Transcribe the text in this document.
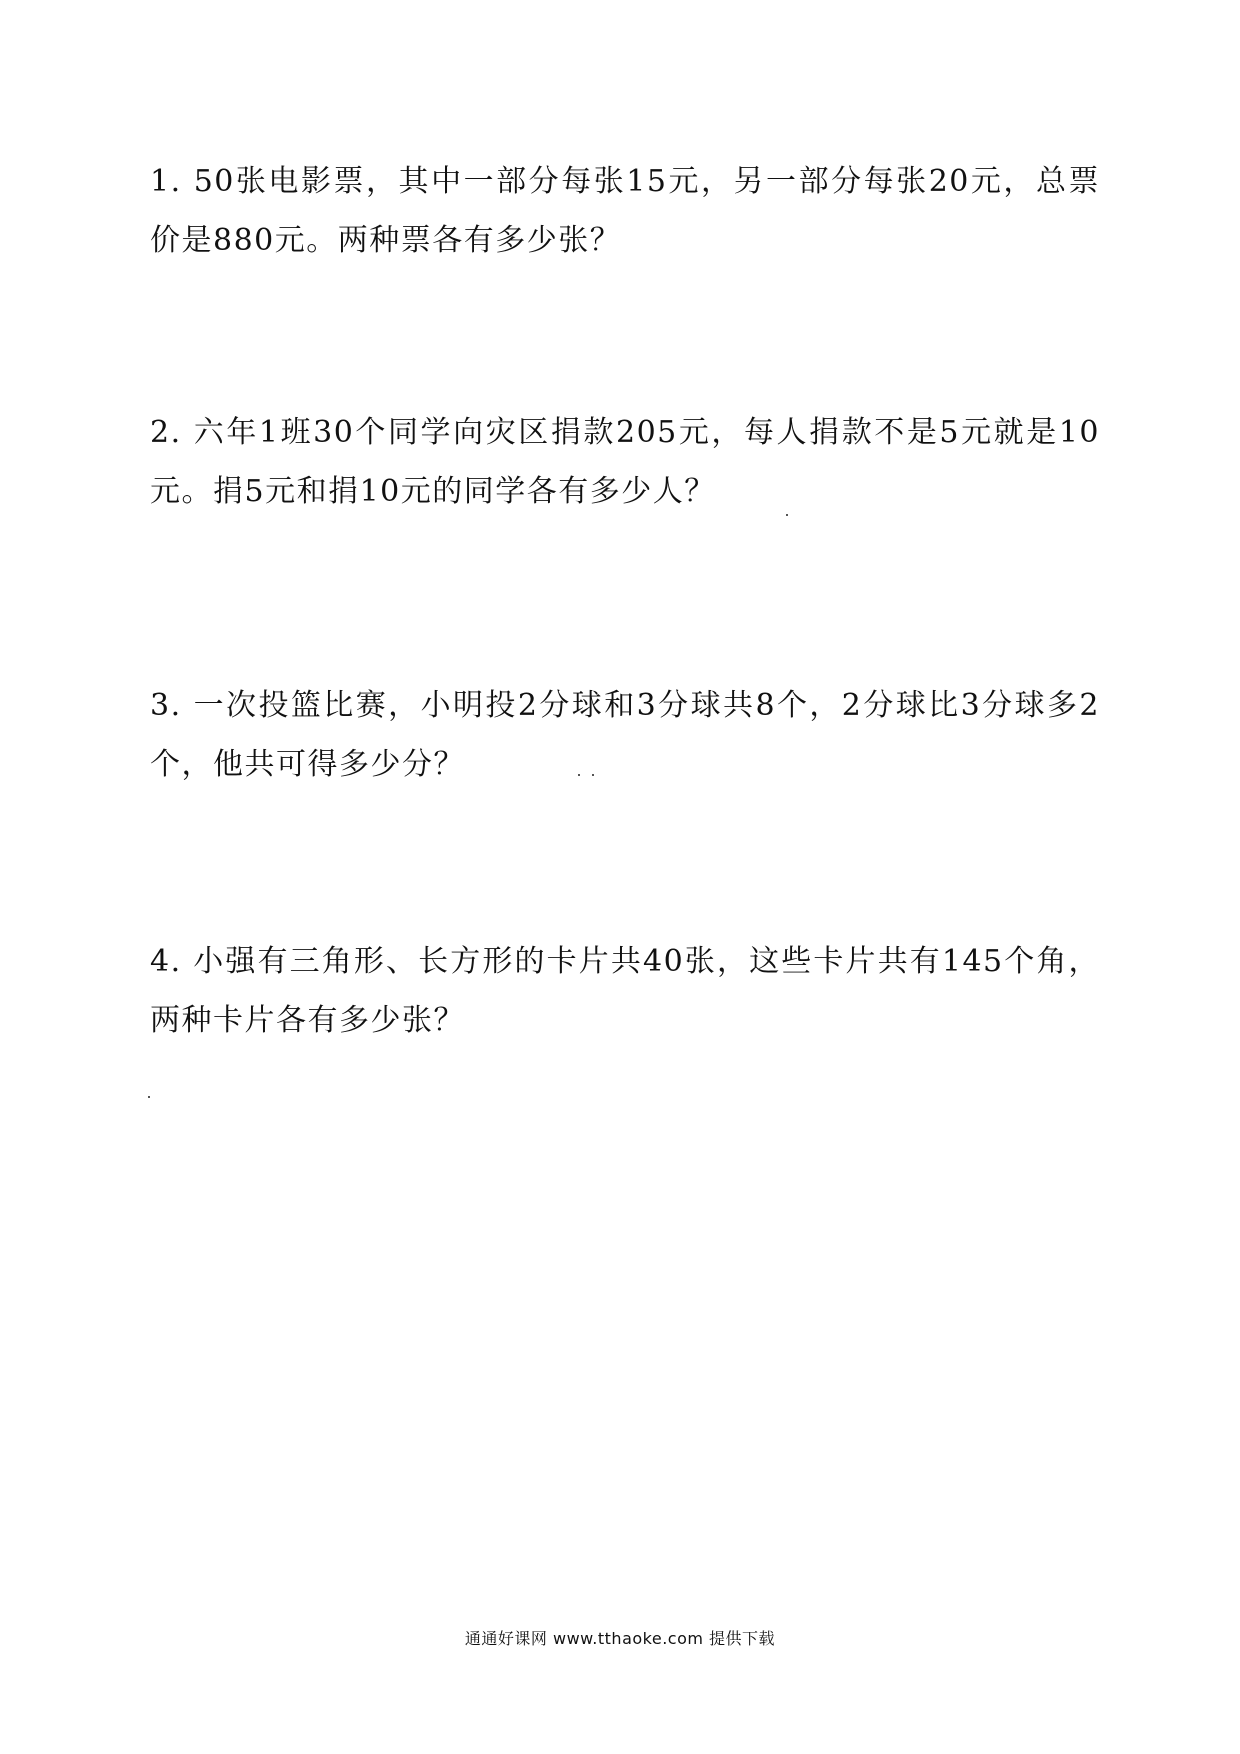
1. 50张电影票，其中一部分每张15元，另一部分每张20元，总票价是880元。两种票各有多少张？

2. 六年1班30个同学向灾区捐款205元，每人捐款不是5元就是10元。捐5元和捐10元的同学各有多少人？

3. 一次投篮比赛，小明投2分球和3分球共8个，2分球比3分球多2个，他共可得多少分？

4. 小强有三角形、长方形的卡片共40张，这些卡片共有145个角，两种卡片各有多少张？

通通好课网 www.tthaoke.com 提供下载
